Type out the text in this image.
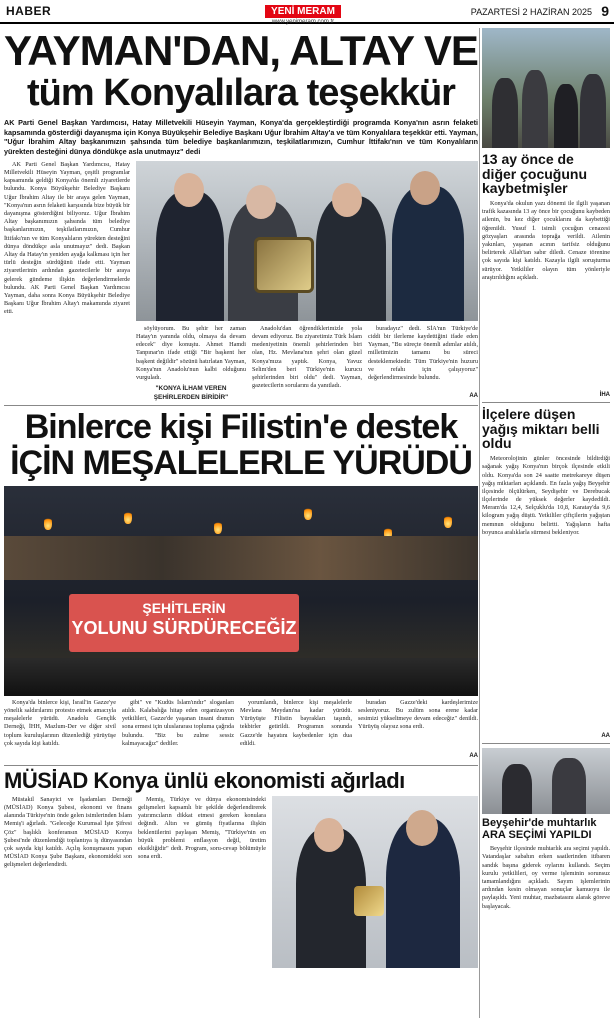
HABER	YENİ MERAM
www.yenimeram.com.tr
PAZARTESİ 2 HAZİRAN 2025 9
YAYMAN'DAN, ALTAY VE
tüm Konyalılara teşekkür
AK Parti Genel Başkan Yardımcısı, Hatay Milletvekili Hüseyin Yayman, Konya'da gerçekleştirdiği programda Konya'nın asrın felaketi kapsamında gösterdiği dayanışma için Konya Büyükşehir Belediye Başkanı Uğur İbrahim Altay'a ve tüm Konyalılara teşekkür etti. Yayman, "Uğur İbrahim Altay başkanımızın şahsında tüm belediye başkanlarımızın, teşkilatlarımızın, Cumhur İttifakı'nın ve tüm Konyalıların yürekten desteğini dünya döndükçe asla unutmayız" dedi

AK Parti Genel Başkan Yardımcısı, Hatay Milletvekili Hüseyin Yayman, çeşitli programlar kapsamında geldiği Konya'da önemli ziyaretlerde bulundu. Konya Büyükşehir Belediye Başkanı Uğur İbrahim Altay ile bir araya gelen Yayman, "Konya'nın asrın felaketi karşısında bize büyük bir dayanışma gösterdiğini biliyoruz. Uğur İbrahim Altay başkanımızın şahsında tüm belediye başkanlarımızın, teşkilatlarımızın, Cumhur İttifakı'nın ve tüm Konyalıların yürekten desteğini dünya döndükçe asla unutmayız" dedi. Başkan Altay da Hatay'ın yeniden ayağa kalkması için her türlü desteğin sürdüğünü ifade etti. Yayman ziyaretlerinin ardından gazetecilerle bir araya gelerek gündeme ilişkin değerlendirmelerde bulundu. AK Parti Genel Başkan Yardımcısı Yayman, daha sonra Konya Büyükşehir Belediye Başkanı Uğur İbrahim Altay'ı makamında ziyaret etti.

söylüyorum. Bu şehir her zaman Hatay'ın yanında oldu, olmaya da devam edecek" diye konuştu. Ahmet Hamdi Tanpınar'ın ifade ettiği "Bir başkent her başkent değildir" sözünü hatırlatan Yayman, Konya'nın Anadolu'nun kalbi olduğunu vurguladı.

"KONYA İLHAM VEREN ŞEHİRLERDEN BİRİDİR"

Anadolu'dan öğrendiklerimizle yola devam ediyoruz. Bu ziyaretimiz Türk İslam medeniyetinin önemli şehirlerinden biri olan, Hz. Mevlana'nın şehri olan güzel Konya'mıza yaptık. Konya, Yavuz Selim'den beri Türkiye'nin kurucu şehirlerinden biri oldu" dedi. Yayman, gazetecilerin sorularını da yanıtladı.

buradayız" dedi. SİA'nın Türkiye'de ciddi bir ilerleme kaydettiğini ifade eden Yayman, "Bu süreçte önemli adımlar atıldı, milletimizin tamamı bu süreci desteklemektedir. Tüm Türkiye'nin huzuru ve refahı için çalışıyoruz" değerlendirmesinde bulundu.

AA
Binlerce kişi Filistin'e destek
İÇİN MEŞALELERLE YÜRÜDÜ
ŞEHİTLERİN
YOLUNU SÜRDÜRECEĞİZ

Konya'da binlerce kişi, İsrail'in Gazze'ye yönelik saldırılarını protesto etmek amacıyla meşalelerle yürüdü. Anadolu Gençlik Derneği, İHH, Mazlum-Der ve diğer sivil toplum kuruluşlarının düzenlediği yürüyüşe çok sayıda kişi katıldı.

gibi" ve "Kudüs İslam'ındır" sloganları atıldı. Kalabalığa hitap eden organizasyon yetkilileri, Gazze'de yaşanan insani dramın sona ermesi için uluslararası topluma çağrıda bulundu. "Biz bu zulme sessiz kalmayacağız" dediler.

yorumlandı, binlerce kişi meşalelerle Mevlana Meydanı'na kadar yürüdü. Yürüyüşte Filistin bayrakları taşındı, tekbirler getirildi. Programın sonunda Gazze'de hayatını kaybedenler için dua edildi.

buradan Gazze'deki kardeşlerimize sesleniyoruz. Bu zulüm sona erene kadar sesimizi yükseltmeye devam edeceğiz" denildi. Yürüyüş olaysız sona erdi.

AA
MÜSİAD Konya ünlü ekonomisti ağırladı

Müstakil Sanayici ve İşadamları Derneği (MÜSİAD) Konya Şubesi, ekonomi ve finans alanında Türkiye'nin önde gelen isimlerinden İslam Memiş'i ağırladı. "Geleceğe Kurumsal İşte Şifresi Çöz" başlıklı konferansın MÜSİAD Konya Şubesi'nde düzenlendiği toplantıya iş dünyasından çok sayıda kişi katıldı. Açılış konuşmasını yapan MÜSİAD Konya Şube Başkanı, ekonomideki son gelişmeleri değerlendirdi.

Memiş, Türkiye ve dünya ekonomisindeki gelişmeleri kapsamlı bir şekilde değerlendirerek yatırımcıların dikkat etmesi gereken konulara değindi. Altın ve gümüş fiyatlarına ilişkin beklentilerini paylaşan Memiş, "Türkiye'nin en büyük problemi enflasyon değil, üretim eksikliğidir" dedi. Program, soru-cevap bölümüyle sona erdi.

13 ay önce de diğer çocuğunu kaybetmişler

Konya'da okulun yazı dönemi ile ilgili yaşanan trafik kazasında 13 ay önce bir çocuğunu kaybeden ailenin, bu kez diğer çocuklarını da kaybettiği öğrenildi. Yusuf İ. isimli çocuğun cenazesi gözyaşları arasında toprağa verildi. Ailenin yakınları, yaşanan acının tarifsiz olduğunu belirterek Allah'tan sabır diledi. Cenaze törenine çok sayıda kişi katıldı. Kazayla ilgili soruşturma sürüyor. Yetkililer olayın tüm yönleriyle araştırıldığını açıkladı.

İHA
İlçelere düşen yağış miktarı belli oldu

Meteorolojinin günler öncesinde bildirdiği sağanak yağış Konya'nın birçok ilçesinde etkili oldu. Konya'da son 24 saatte metrekareye düşen yağış miktarları açıklandı. En fazla yağış Beyşehir ilçesinde ölçülürken, Seydişehir ve Derebucak ilçelerinde de yüksek değerler kaydedildi. Meram'da 12,4, Selçuklu'da 10,8, Karatay'da 9,6 kilogram yağış düştü. Yetkililer çiftçilerin yağıştan memnun olduğunu belirtti. Yağışların hafta boyunca aralıklarla sürmesi bekleniyor.

AA
Beyşehir'de muhtarlık ARA SEÇİMİ YAPILDI

Beyşehir ilçesinde muhtarlık ara seçimi yapıldı. Vatandaşlar sabahın erken saatlerinden itibaren sandık başına giderek oylarını kullandı. Seçim kurulu yetkilileri, oy verme işleminin sorunsuz tamamlandığını açıkladı. Sayım işlemlerinin ardından kesin olmayan sonuçlar kamuoyu ile paylaşıldı. Yeni muhtar, mazbatasını alarak göreve başlayacak.
